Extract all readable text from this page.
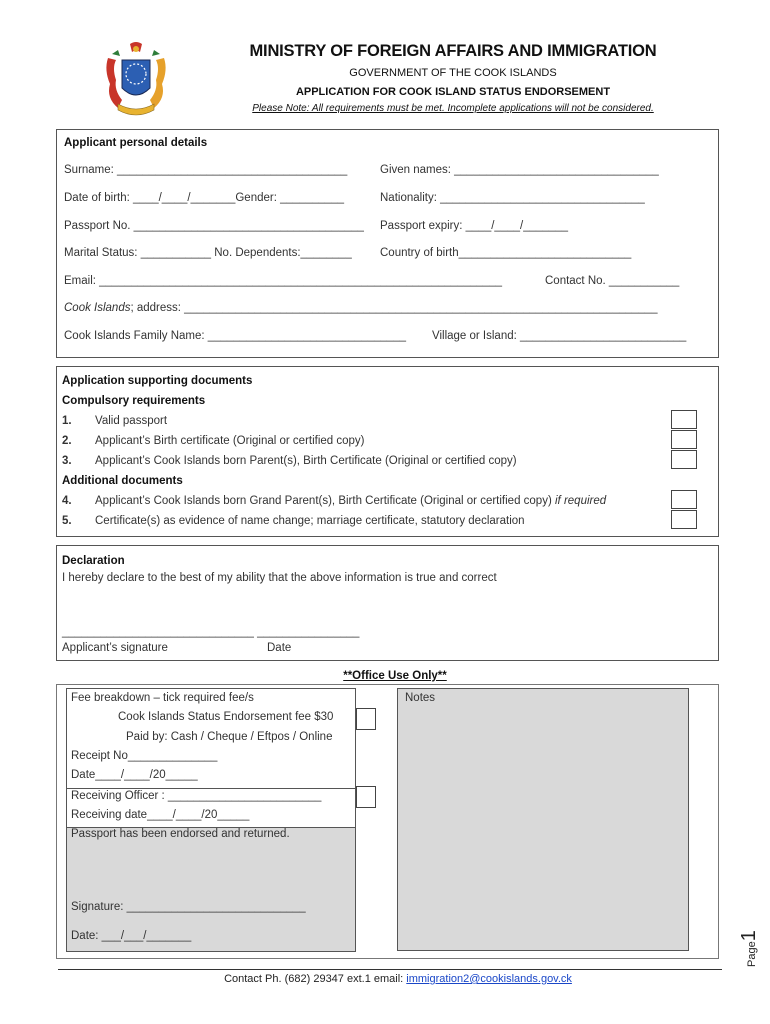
MINISTRY OF FOREIGN AFFAIRS AND IMMIGRATION
GOVERNMENT OF THE COOK ISLANDS
APPLICATION FOR COOK ISLAND STATUS ENDORSEMENT
Please Note: All requirements must be met. Incomplete applications will not be considered.
Applicant personal details
Surname: ____________________________________	Given names: ________________________________
Date of birth: ____/____/_______Gender: __________	Nationality: ________________________________
Passport No. ____________________________________ Passport expiry: ____/____/_______
Marital Status: ___________ No. Dependents:________ Country of birth___________________________
Email: _______________________________________________________________	Contact No. ___________
Cook Islands; address: __________________________________________________________________________
Cook Islands Family Name: _______________________________ Village or Island: __________________________
Application supporting documents
Compulsory requirements
1. Valid passport
2. Applicant’s Birth certificate (Original or certified copy)
3. Applicant’s Cook Islands born Parent(s), Birth Certificate (Original or certified copy)
Additional documents
4. Applicant’s Cook Islands born Grand Parent(s), Birth Certificate (Original or certified copy) if required
5. Certificate(s) as evidence of name change; marriage certificate, statutory declaration
Declaration
I hereby declare to the best of my ability that the above information is true and correct
______________________________ ________________
Applicant’s signature	Date
**Office Use Only**
Fee breakdown – tick required fee/s
Cook Islands Status Endorsement fee $30
Paid by: Cash / Cheque / Eftpos / Online
Receipt No______________
Date____/____/20_____
Receiving Officer : ________________________
Receiving date____/____/20_____
Passport has been endorsed and returned.
Signature: ____________________________
Date: ___/___/_______
Notes
Page1
Contact Ph. (682) 29347 ext.1 email: immigration2@cookislands.gov.ck
